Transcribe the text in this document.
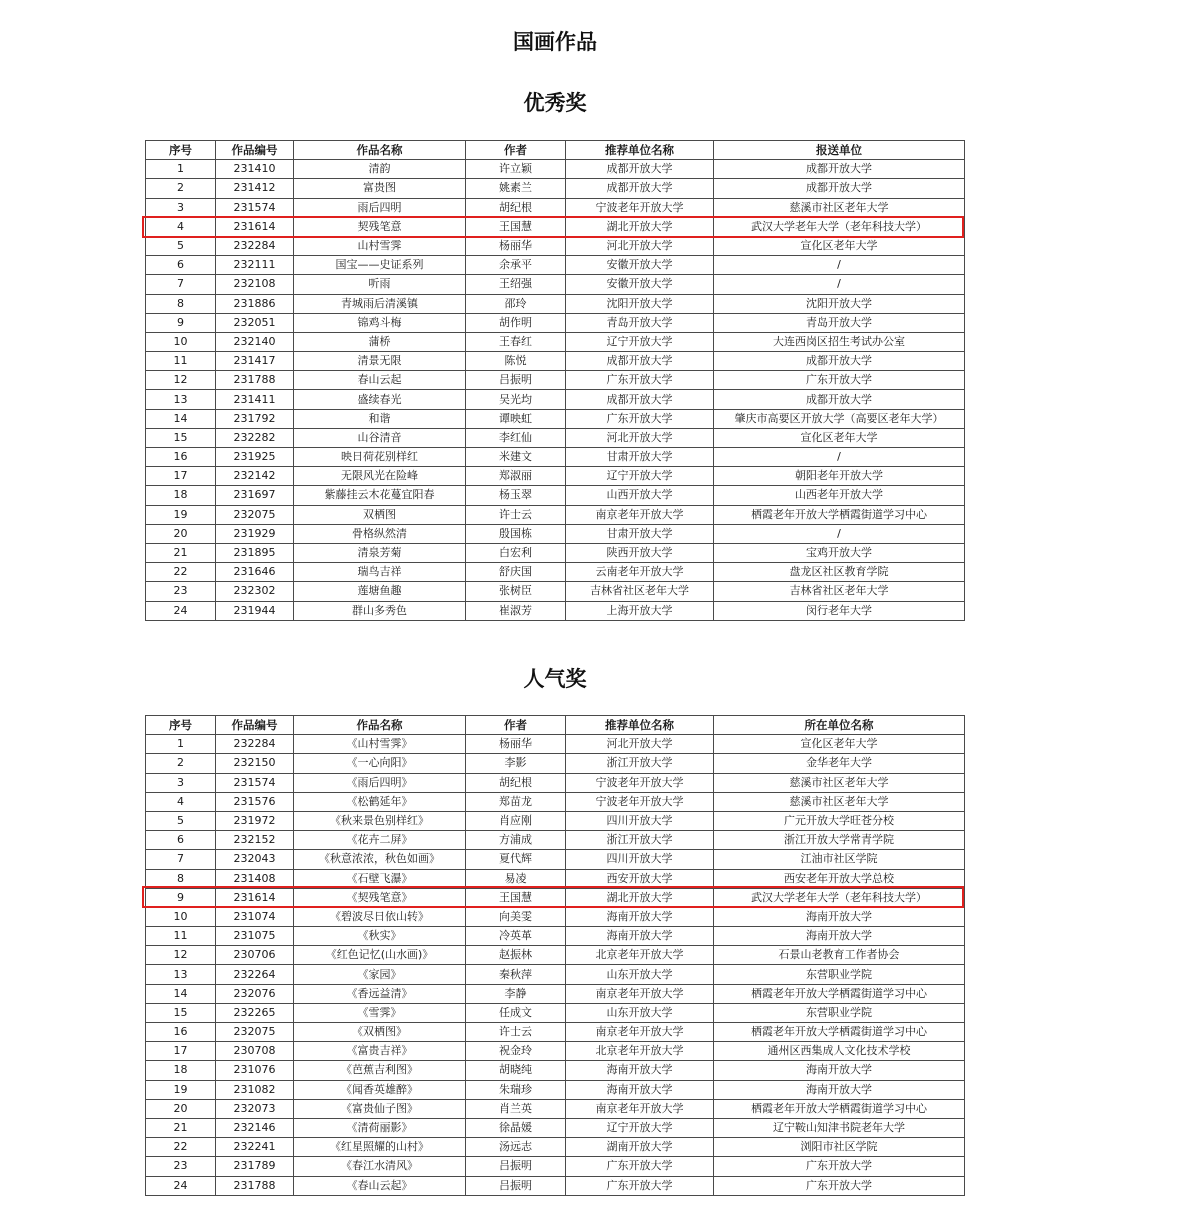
国画作品
优秀奖
序号	作品编号	作品名称	作者	推荐单位名称	报送单位
1	231410	清韵	许立颖	成都开放大学	成都开放大学
2	231412	富贵图	姚素兰	成都开放大学	成都开放大学
3	231574	雨后四明	胡纪根	宁波老年开放大学	慈溪市社区老年大学
4	231614	契残笔意	王国慧	湖北开放大学	武汉大学老年大学（老年科技大学）
5	232284	山村雪霁	杨丽华	河北开放大学	宣化区老年大学
6	232111	国宝——史证系列	余承平	安徽开放大学	/
7	232108	听雨	王绍强	安徽开放大学	/
8	231886	青城雨后清溪镇	邵玲	沈阳开放大学	沈阳开放大学
9	232051	锦鸡斗梅	胡作明	青岛开放大学	青岛开放大学
10	232140	蒲桥	王春红	辽宁开放大学	大连西岗区招生考试办公室
11	231417	清景无限	陈悦	成都开放大学	成都开放大学
12	231788	春山云起	吕振明	广东开放大学	广东开放大学
13	231411	盛续春光	吴光均	成都开放大学	成都开放大学
14	231792	和谐	谭映虹	广东开放大学	肇庆市高要区开放大学（高要区老年大学）
15	232282	山谷清音	李红仙	河北开放大学	宣化区老年大学
16	231925	映日荷花别样红	米建文	甘肃开放大学	/
17	232142	无限风光在险峰	郑淑丽	辽宁开放大学	朝阳老年开放大学
18	231697	紫藤挂云木花蔓宜阳春	杨玉翠	山西开放大学	山西老年开放大学
19	232075	双栖图	许士云	南京老年开放大学	栖霞老年开放大学栖霞街道学习中心
20	231929	骨格纵然清	殷国栋	甘肃开放大学	/
21	231895	清泉芳菊	白宏利	陕西开放大学	宝鸡开放大学
22	231646	瑞鸟吉祥	舒庆国	云南老年开放大学	盘龙区社区教育学院
23	232302	莲塘鱼趣	张树臣	吉林省社区老年大学	吉林省社区老年大学
24	231944	群山多秀色	崔淑芳	上海开放大学	闵行老年大学
人气奖
序号	作品编号	作品名称	作者	推荐单位名称	所在单位名称
1	232284	《山村雪霁》	杨丽华	河北开放大学	宣化区老年大学
2	232150	《一心向阳》	李影	浙江开放大学	金华老年大学
3	231574	《雨后四明》	胡纪根	宁波老年开放大学	慈溪市社区老年大学
4	231576	《松鹤延年》	郑苗龙	宁波老年开放大学	慈溪市社区老年大学
5	231972	《秋来景色别样红》	肖应刚	四川开放大学	广元开放大学旺苍分校
6	232152	《花卉二屏》	方浦成	浙江开放大学	浙江开放大学常青学院
7	232043	《秋意浓浓，秋色如画》	夏代辉	四川开放大学	江油市社区学院
8	231408	《石壁飞瀑》	易凌	西安开放大学	西安老年开放大学总校
9	231614	《契残笔意》	王国慧	湖北开放大学	武汉大学老年大学（老年科技大学）
10	231074	《碧波尽日依山转》	向美雯	海南开放大学	海南开放大学
11	231075	《秋实》	冷英革	海南开放大学	海南开放大学
12	230706	《红色记忆(山水画)》	赵振林	北京老年开放大学	石景山老教育工作者协会
13	232264	《家园》	秦秋萍	山东开放大学	东营职业学院
14	232076	《香远益清》	李静	南京老年开放大学	栖霞老年开放大学栖霞街道学习中心
15	232265	《雪霁》	任成文	山东开放大学	东营职业学院
16	232075	《双栖图》	许士云	南京老年开放大学	栖霞老年开放大学栖霞街道学习中心
17	230708	《富贵吉祥》	祝金玲	北京老年开放大学	通州区西集成人文化技术学校
18	231076	《芭蕉吉利图》	胡晓纯	海南开放大学	海南开放大学
19	231082	《闻香英雄醉》	朱瑞珍	海南开放大学	海南开放大学
20	232073	《富贵仙子图》	肖兰英	南京老年开放大学	栖霞老年开放大学栖霞街道学习中心
21	232146	《清荷丽影》	徐晶媛	辽宁开放大学	辽宁鞍山知津书院老年大学
22	232241	《红星照耀的山村》	汤远志	湖南开放大学	浏阳市社区学院
23	231789	《春江水清风》	吕振明	广东开放大学	广东开放大学
24	231788	《春山云起》	吕振明	广东开放大学	广东开放大学
